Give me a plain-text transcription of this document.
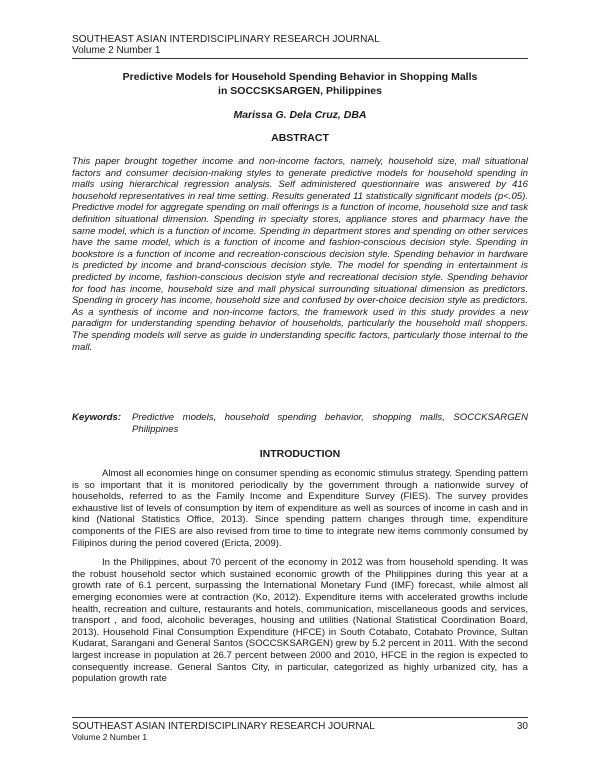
SOUTHEAST ASIAN INTERDISCIPLINARY RESEARCH JOURNAL
Volume 2 Number 1
Predictive Models for Household Spending Behavior in Shopping Malls
in SOCCSKSARGEN, Philippines
Marissa G. Dela Cruz, DBA
ABSTRACT
This paper brought together income and non-income factors, namely, household size, mall situational factors and consumer decision-making styles to generate predictive models for household spending in malls using hierarchical regression analysis. Self administered questionnaire was answered by 416 household representatives in real time setting. Results generated 11 statistically significant models (p<.05). Predictive model for aggregate spending on mall offerings is a function of income, household size and task definition situational dimension. Spending in specialty stores, appliance stores and pharmacy have the same model, which is a function of income. Spending in department stores and spending on other services have the same model, which is a function of income and fashion-conscious decision style. Spending in bookstore is a function of income and recreation-conscious decision style. Spending behavior in hardware is predicted by income and brand-conscious decision style. The model for spending in entertainment is predicted by income, fashion-conscious decision style and recreational decision style. Spending behavior for food has income, household size and mall physical surrounding situational dimension as predictors. Spending in grocery has income, household size and confused by over-choice decision style as predictors. As a synthesis of income and non-income factors, the framework used in this study provides a new paradigm for understanding spending behavior of households, particularly the household mall shoppers. The spending models will serve as guide in understanding specific factors, particularly those internal to the mall.
Keywords:	Predictive models, household spending behavior, shopping malls, SOCCKSARGEN Philippines
INTRODUCTION

Almost all economies hinge on consumer spending as economic stimulus strategy. Spending pattern is so important that it is monitored periodically by the government through a nationwide survey of households, referred to as the Family Income and Expenditure Survey (FIES). The survey provides exhaustive list of levels of consumption by item of expenditure as well as sources of income in cash and in kind (National Statistics Office, 2013). Since spending pattern changes through time, expenditure components of the FIES are also revised from time to time to integrate new items commonly consumed by Filipinos during the period covered (Ericta, 2009).

In the Philippines, about 70 percent of the economy in 2012 was from household spending. It was the robust household sector which sustained economic growth of the Philippines during this year at a growth rate of 6.1 percent, surpassing the International Monetary Fund (IMF) forecast, while almost all emerging economies were at contraction (Ko, 2012). Expenditure items with accelerated growths include health, recreation and culture, restaurants and hotels, communication, miscellaneous goods and services, transport , and food, alcoholic beverages, housing and utilities (National Statistical Coordination Board, 2013). Household Final Consumption Expenditure (HFCE) in South Cotabato, Cotabato Province, Sultan Kudarat, Sarangani and General Santos (SOCCSKSARGEN) grew by 5.2 percent in 2011. With the second largest increase in population at 26.7 percent between 2000 and 2010, HFCE in the region is expected to consequently increase. General Santos City, in particular, categorized as highly urbanized city, has a population growth rate

SOUTHEAST ASIAN INTERDISCIPLINARY RESEARCH JOURNAL	30
Volume 2 Number 1
